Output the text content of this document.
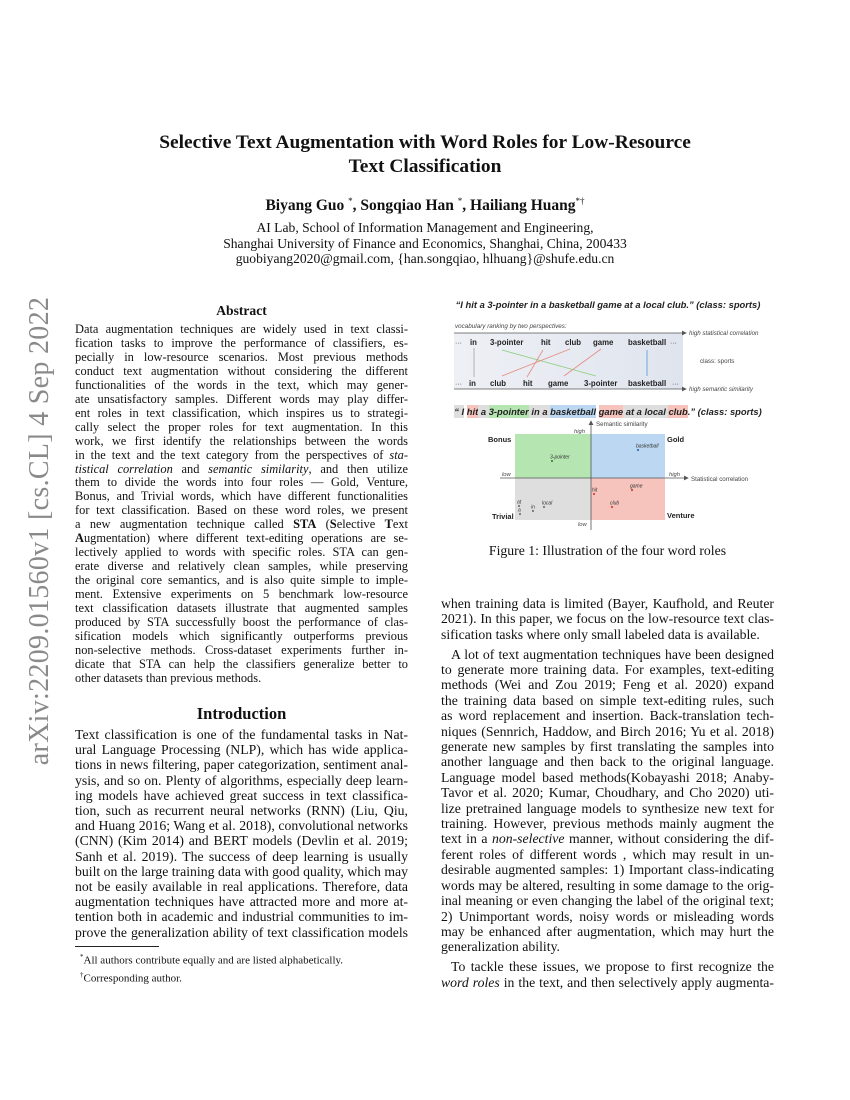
arXiv:2209.01560v1 [cs.CL] 4 Sep 2022
Selective Text Augmentation with Word Roles for Low-Resource
Text Classification
Biyang Guo *, Songqiao Han *, Hailiang Huang*†
AI Lab, School of Information Management and Engineering,
Shanghai University of Finance and Economics, Shanghai, China, 200433
guobiyang2020@gmail.com, {han.songqiao, hlhuang}@shufe.edu.cn
Abstract
Data augmentation techniques are widely used in text classi-
fication tasks to improve the performance of classifiers, es-
pecially in low-resource scenarios. Most previous methods
conduct text augmentation without considering the different
functionalities of the words in the text, which may gener-
ate unsatisfactory samples. Different words may play differ-
ent roles in text classification, which inspires us to strategi-
cally select the proper roles for text augmentation. In this
work, we first identify the relationships between the words
in the text and the text category from the perspectives of sta-
tistical correlation and semantic similarity, and then utilize
them to divide the words into four roles — Gold, Venture,
Bonus, and Trivial words, which have different functionalities
for text classification. Based on these word roles, we present
a new augmentation technique called STA (Selective Text
Augmentation) where different text-editing operations are se-
lectively applied to words with specific roles. STA can gen-
erate diverse and relatively clean samples, while preserving
the original core semantics, and is also quite simple to imple-
ment. Extensive experiments on 5 benchmark low-resource
text classification datasets illustrate that augmented samples
produced by STA successfully boost the performance of clas-
sification models which significantly outperforms previous
non-selective methods. Cross-dataset experiments further in-
dicate that STA can help the classifiers generalize better to
other datasets than previous methods.
Introduction
Text classification is one of the fundamental tasks in Nat-
ural Language Processing (NLP), which has wide applica-
tions in news filtering, paper categorization, sentiment anal-
ysis, and so on. Plenty of algorithms, especially deep learn-
ing models have achieved great success in text classifica-
tion, such as recurrent neural networks (RNN) (Liu, Qiu,
and Huang 2016; Wang et al. 2018), convolutional networks
(CNN) (Kim 2014) and BERT models (Devlin et al. 2019;
Sanh et al. 2019). The success of deep learning is usually
built on the large training data with good quality, which may
not be easily available in real applications. Therefore, data
augmentation techniques have attracted more and more at-
tention both in academic and industrial communities to im-
prove the generalization ability of text classification models
*All authors contribute equally and are listed alphabetically.
†Corresponding author.
when training data is limited (Bayer, Kaufhold, and Reuter
2021). In this paper, we focus on the low-resource text clas-
sification tasks where only small labeled data is available.
A lot of text augmentation techniques have been designed
to generate more training data. For examples, text-editing
methods (Wei and Zou 2019; Feng et al. 2020) expand
the training data based on simple text-editing rules, such
as word replacement and insertion. Back-translation tech-
niques (Sennrich, Haddow, and Birch 2016; Yu et al. 2018)
generate new samples by first translating the samples into
another language and then back to the original language.
Language model based methods(Kobayashi 2018; Anaby-
Tavor et al. 2020; Kumar, Choudhary, and Cho 2020) uti-
lize pretrained language models to synthesize new text for
training. However, previous methods mainly augment the
text in a non-selective manner, without considering the dif-
ferent roles of different words , which may result in un-
desirable augmented samples: 1) Important class-indicating
words may be altered, resulting in some damage to the orig-
inal meaning or even changing the label of the original text;
2) Unimportant words, noisy words or misleading words
may be enhanced after augmentation, which may hurt the
generalization ability.
To tackle these issues, we propose to first recognize the
word roles in the text, and then selectively apply augmenta-
“I hit a 3-pointer in a basketball game at a local club.” (class: sports)
“ I hit a 3-pointer in a basketball game at a local club.” (class: sports)
vocabulary ranking by two perspectives:
high statistical correlation
high semantic similarity
class: sports
···	···
···	···
in 3-pointer hit club game basketball
in club hit game 3-pointer basketball
Semantic similarity
Statistical correlation
high
low
low	high
Bonus	Gold
Trivial	Venture
basketball
3-pointer
hit
game
club
at
a in
local
Figure 1: Illustration of the four word roles
